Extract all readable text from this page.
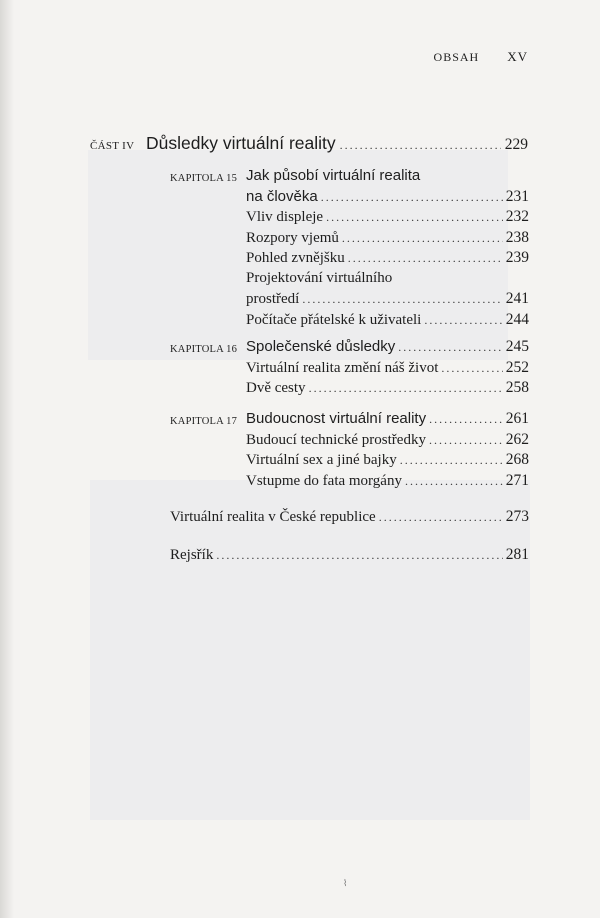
OBSAH XV
ČÁST IV Důsledky virtuální reality . . .	229
KAPITOLA 15 Jak působí virtuální realita
na člověka . . .	231
Vliv displeje . . .	232
Rozpory vjemů . . .	238
Pohled zvnějšku . . .	239
Projektování virtuálního
prostředí . . .	241
Počítače přátelské k uživateli . . .	244
KAPITOLA 16 Společenské důsledky . . .	245
Virtuální realita změní náš život . . .	252
Dvě cesty . . .	258
KAPITOLA 17 Budoucnost virtuální reality . . .	261
Budoucí technické prostředky . . .	262
Virtuální sex a jiné bajky . . .	268
Vstupme do fata morgány . . .	271
Virtuální realita v České republice . . .	273
Rejsřík . . .	281
⌇
